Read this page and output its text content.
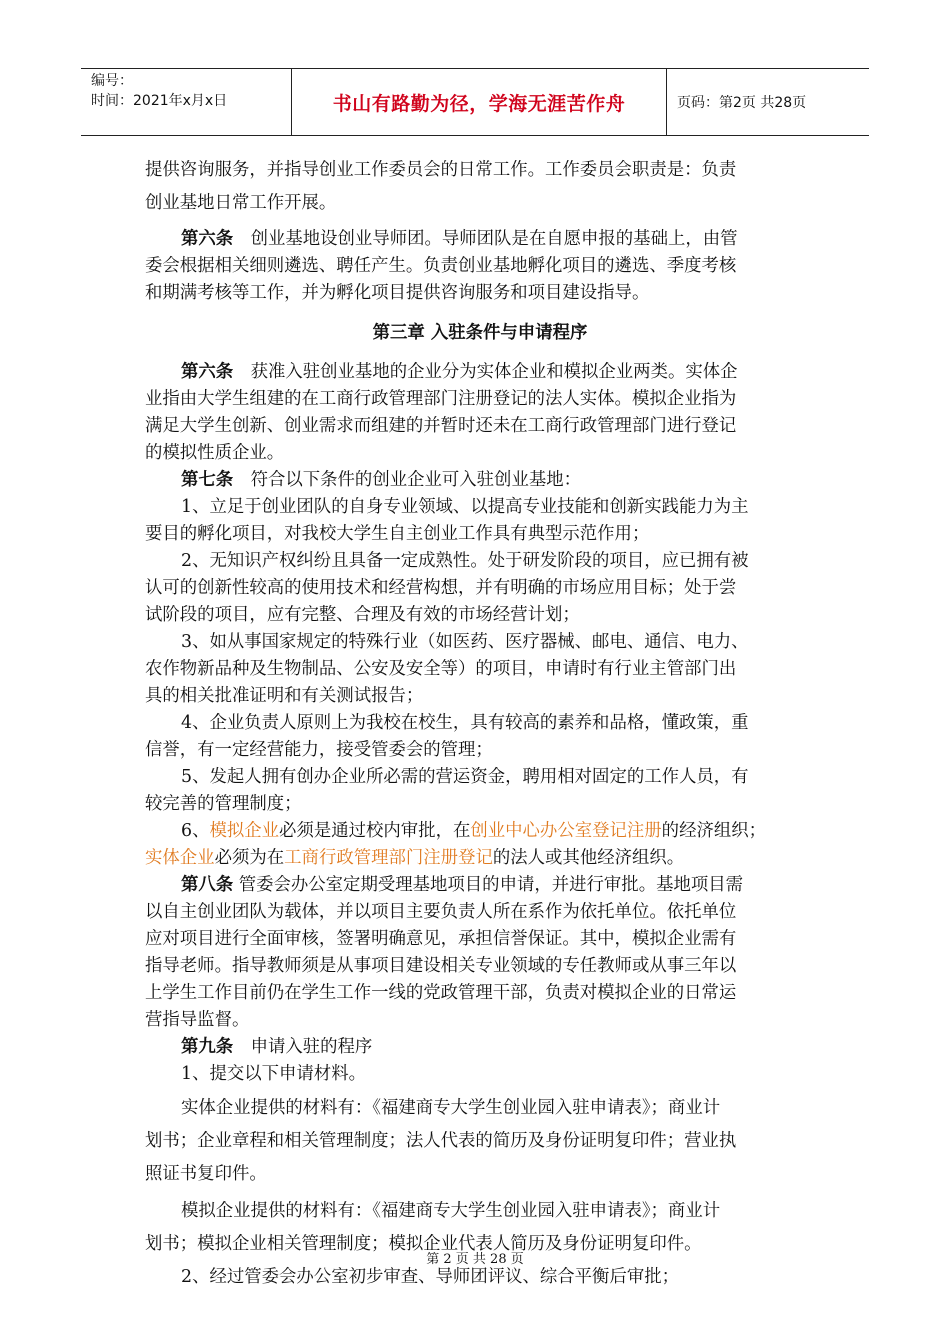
编号：
时间：2021年x月x日	书山有路勤为径，学海无涯苦作舟	页码：第2页 共28页

提供咨询服务，并指导创业工作委员会的日常工作。工作委员会职责是：负责

创业基地日常工作开展。

第六条　创业基地设创业导师团。导师团队是在自愿申报的基础上，由管

委会根据相关细则遴选、聘任产生。负责创业基地孵化项目的遴选、季度考核

和期满考核等工作，并为孵化项目提供咨询服务和项目建设指导。

第三章 入驻条件与申请程序

第六条　获准入驻创业基地的企业分为实体企业和模拟企业两类。实体企

业指由大学生组建的在工商行政管理部门注册登记的法人实体。模拟企业指为

满足大学生创新、创业需求而组建的并暂时还未在工商行政管理部门进行登记

的模拟性质企业。

第七条　符合以下条件的创业企业可入驻创业基地：

1、立足于创业团队的自身专业领域、以提高专业技能和创新实践能力为主

要目的孵化项目，对我校大学生自主创业工作具有典型示范作用；

2、无知识产权纠纷且具备一定成熟性。处于研发阶段的项目，应已拥有被

认可的创新性较高的使用技术和经营构想，并有明确的市场应用目标；处于尝

试阶段的项目，应有完整、合理及有效的市场经营计划；

3、如从事国家规定的特殊行业（如医药、医疗器械、邮电、通信、电力、

农作物新品种及生物制品、公安及安全等）的项目，申请时有行业主管部门出

具的相关批准证明和有关测试报告；

4、企业负责人原则上为我校在校生，具有较高的素养和品格，懂政策，重

信誉，有一定经营能力，接受管委会的管理；

5、发起人拥有创办企业所必需的营运资金，聘用相对固定的工作人员，有

较完善的管理制度；

6、模拟企业必须是通过校内审批，在创业中心办公室登记注册的经济组织；

实体企业必须为在工商行政管理部门注册登记的法人或其他经济组织。

第八条 管委会办公室定期受理基地项目的申请，并进行审批。基地项目需

以自主创业团队为载体，并以项目主要负责人所在系作为依托单位。依托单位

应对项目进行全面审核，签署明确意见，承担信誉保证。其中，模拟企业需有

指导老师。指导教师须是从事项目建设相关专业领域的专任教师或从事三年以

上学生工作目前仍在学生工作一线的党政管理干部，负责对模拟企业的日常运

营指导监督。

第九条　申请入驻的程序

1、提交以下申请材料。

实体企业提供的材料有：《福建商专大学生创业园入驻申请表》；商业计

划书；企业章程和相关管理制度；法人代表的简历及身份证明复印件；营业执

照证书复印件。

模拟企业提供的材料有：《福建商专大学生创业园入驻申请表》；商业计

划书；模拟企业相关管理制度；模拟企业代表人简历及身份证明复印件。

2、经过管委会办公室初步审查、导师团评议、综合平衡后审批；

第 2 页 共 28 页
